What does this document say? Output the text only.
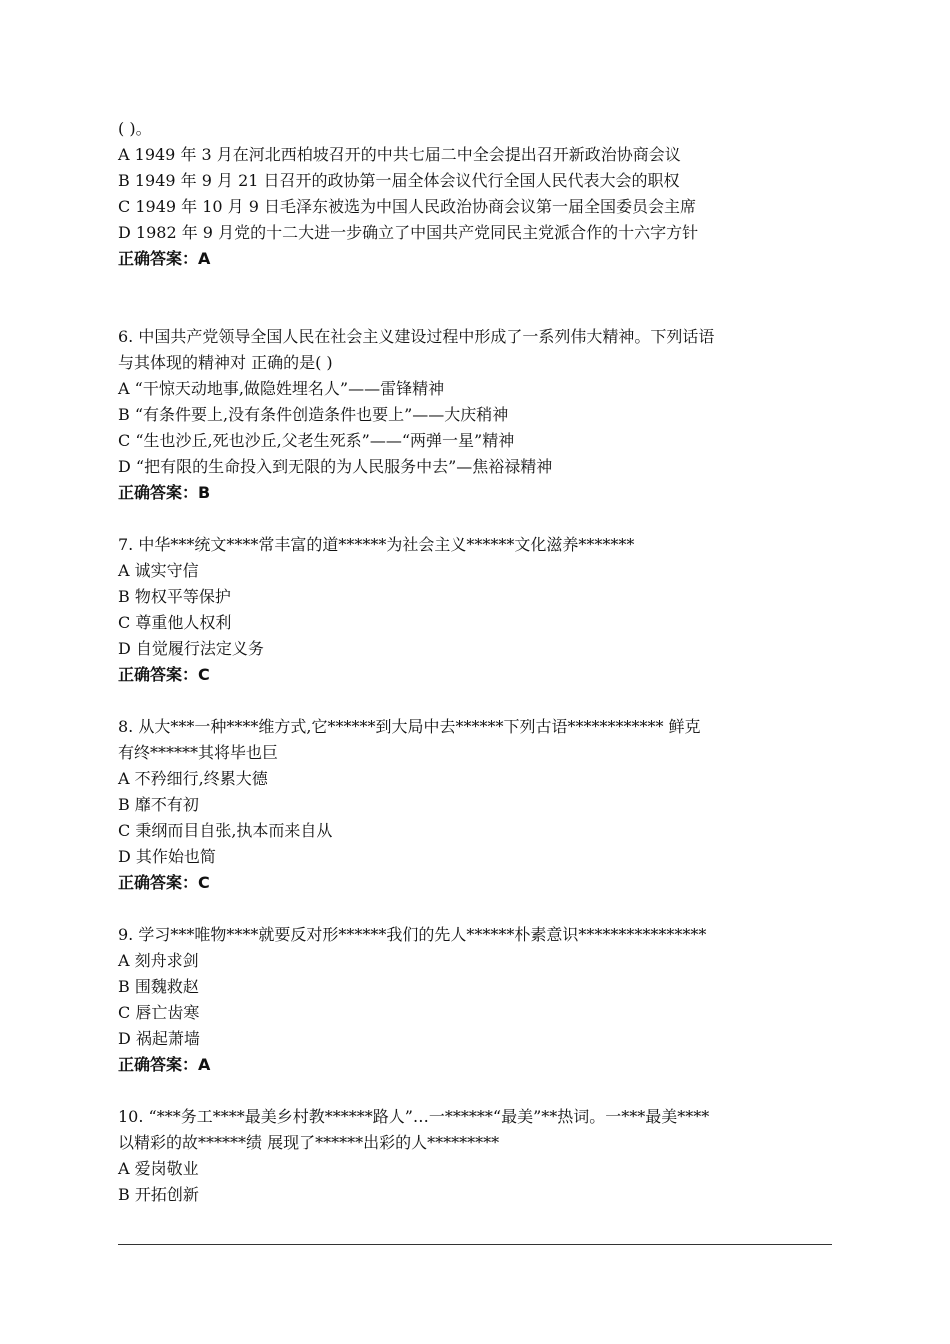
( )。
A 1949 年 3 月在河北西柏坡召开的中共七届二中全会提出召开新政治协商会议
B 1949 年 9 月 21 日召开的政协第一届全体会议代行全国人民代表大会的职权
C 1949 年 10 月 9 日毛泽东被选为中国人民政治协商会议第一届全国委员会主席
D 1982 年 9 月党的十二大进一步确立了中国共产党同民主党派合作的十六字方针
正确答案：A
6. 中国共产党领导全国人民在社会主义建设过程中形成了一系列伟大精神。下列话语
与其体现的精神对 正确的是( )
A “干惊天动地事,做隐姓埋名人”——雷锋精神
B “有条件要上,没有条件创造条件也要上”——大庆稍神
C “生也沙丘,死也沙丘,父老生死系”——“两弹一星”精神
D “把有限的生命投入到无限的为人民服务中去”—焦裕禄精神
正确答案：B
7. 中华***统文****常丰富的道******为社会主义******文化滋养*******
A 诚实守信
B 物权平等保护
C 尊重他人权利
D 自觉履行法定义务
正确答案：C
8. 从大***一种****维方式,它******到大局中去******下列古语************ 鲜克
有终******其将毕也巨
A 不矜细行,终累大德
B 靡不有初
C 秉纲而目自张,执本而来自从
D 其作始也简
正确答案：C
9. 学习***唯物****就要反对形******我们的先人******朴素意识****************
A 刻舟求剑
B 围魏救赵
C 唇亡齿寒
D 祸起萧墙
正确答案：A
10. “***务工****最美乡村教******路人”…一******“最美”**热词。一***最美****
以精彩的故******绩 展现了******出彩的人*********
A 爱岗敬业
B 开拓创新
